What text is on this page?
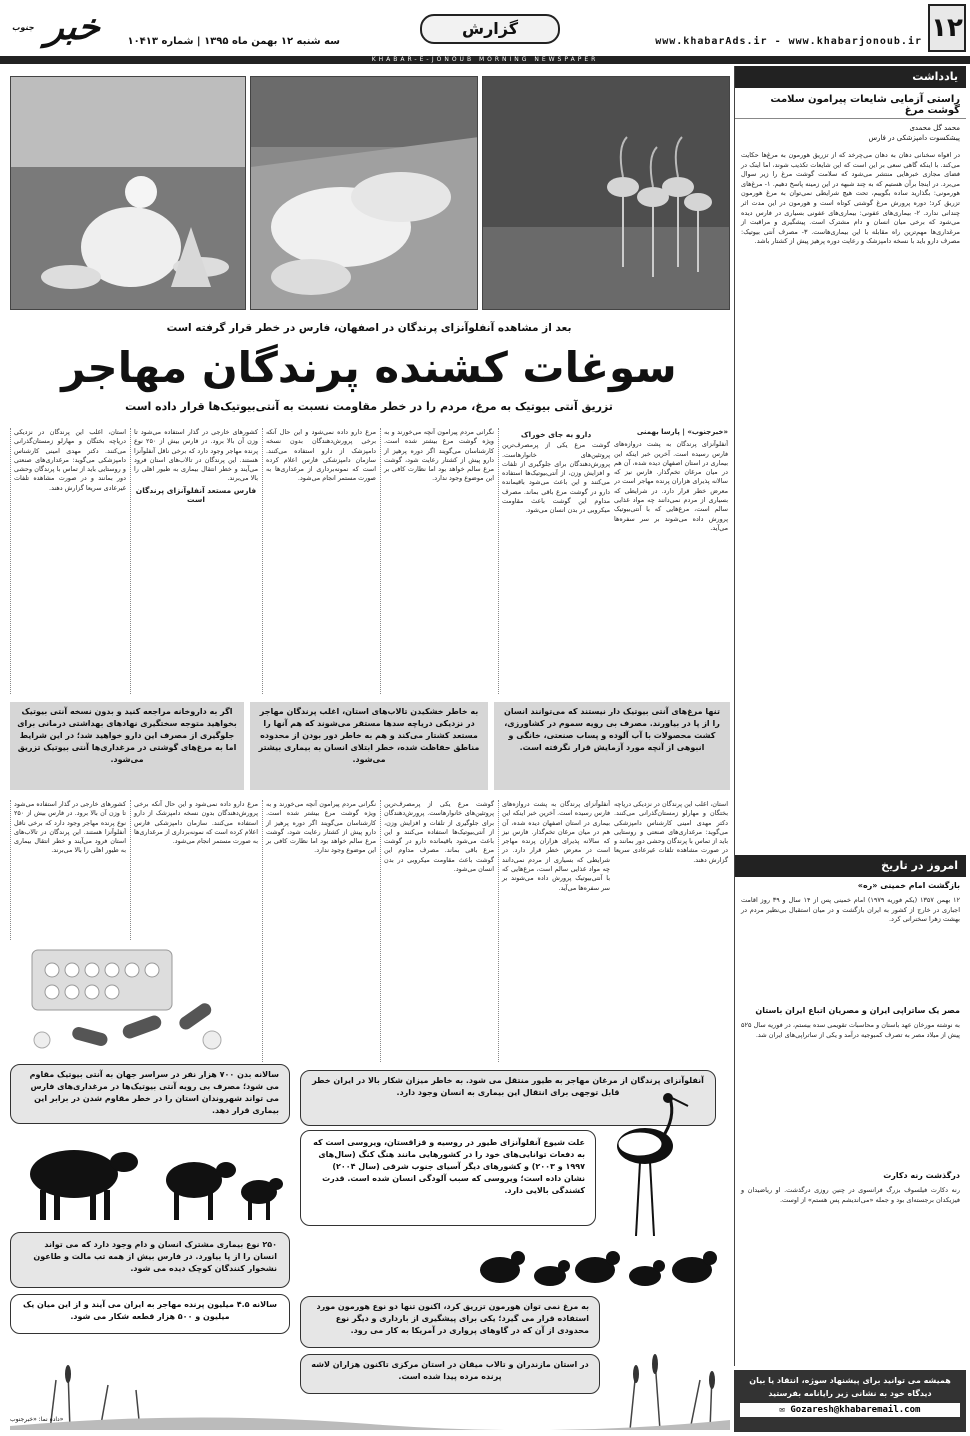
۱۲
www.khabarAds.ir - www.khabarjonoub.ir
گزارش
خبر $^{جنوب}$
سه شنبه ۱۲ بهمن ماه ۱۳۹۵ | شماره ۱۰۴۱۳
KHABAR-E-JONOUB MORNING NEWSPAPER
بعد از مشاهده آنفلوآنزای پرندگان در اصفهان، فارس در خطر قرار گرفته است
سوغات کشنده پرندگان مهاجر
تزریق آنتی بیوتیک به مرغ، مردم را در خطر مقاومت نسبت به آنتی‌بیوتیک‌ها قرار داده است
«خبرجنوب» | پارسا بهمنی
آنفلوآنزای پرندگان به پشت دروازه‌های فارس رسیده است. آخرین خبر اینکه این بیماری در استان اصفهان دیده شده، آن هم در میان مرغان تخم‌گذار. فارس نیز که سالانه پذیرای هزاران پرنده مهاجر است در معرض خطر قرار دارد. در شرایطی که بسیاری از مردم نمی‌دانند چه مواد غذایی سالم است، مرغ‌هایی که با آنتی‌بیوتیک پرورش داده می‌شوند بر سر سفره‌ها می‌آید.
دارو به جای خوراک
گوشت مرغ یکی از پرمصرف‌ترین پروتئین‌های خانوارهاست. پرورش‌دهندگان برای جلوگیری از تلفات و افزایش وزن، از آنتی‌بیوتیک‌ها استفاده می‌کنند و این باعث می‌شود باقیمانده دارو در گوشت مرغ باقی بماند. مصرف مداوم این گوشت باعث مقاومت میکروبی در بدن انسان می‌شود.
نگرانی مردم پیرامون آنچه می‌خورند و به ویژه گوشت مرغ بیشتر شده است. کارشناسان می‌گویند اگر دوره پرهیز از دارو پیش از کشتار رعایت شود، گوشت مرغ سالم خواهد بود اما نظارت کافی بر این موضوع وجود ندارد.
مرغ دارو داده نمی‌شود و این حال آنکه برخی پرورش‌دهندگان بدون نسخه دامپزشک از دارو استفاده می‌کنند. سازمان دامپزشکی فارس اعلام کرده است که نمونه‌برداری از مرغداری‌ها به صورت مستمر انجام می‌شود.
کشورهای خارجی در گذار استفاده می‌شود تا وزن آن بالا برود. در فارس بیش از ۲۵۰ نوع پرنده مهاجر وجود دارد که برخی ناقل آنفلوآنزا هستند. این پرندگان در تالاب‌های استان فرود می‌آیند و خطر انتقال بیماری به طیور اهلی را بالا می‌برند.
فارس مستعد آنفلوآنزای پرندگان است
استان، اغلب این پرندگان در نزدیکی دریاچه بختگان و مهارلو زمستان‌گذرانی می‌کنند. دکتر مهدی امینی کارشناس دامپزشکی می‌گوید: مرغداری‌های صنعتی و روستایی باید از تماس با پرندگان وحشی دور بمانند و در صورت مشاهده تلفات غیرعادی سریعا گزارش دهند.
تنها مرغ‌های آنتی بیوتیک دار نیستند که می‌توانند انسان را از پا در بیاورند. مصرف بی رویه سموم در کشاورزی، کشت محصولات با آب آلوده و پساب صنعتی، خانگی و انبوهی از آنچه مورد آزمایش قرار نگرفته است.
به خاطر خشکیدن تالاب‌های استان، اغلب پرندگان مهاجر در نزدیکی دریاچه سدها مستقر می‌شوند که هم آنها را مستعد کشتار می‌کند و هم به خاطر دور بودن از محدوده مناطق حفاظت شده، خطر ابتلای انسان به بیماری بیشتر می‌شود.
اگر به داروخانه مراجعه کنید و بدون نسخه آنتی بیوتیک بخواهید متوجه سختگیری نهادهای بهداشتی درمانی برای جلوگیری از مصرف این دارو خواهید شد؛ در این شرایط اما به مرغ‌های گوشتی در مرغداری‌ها آنتی بیوتیک تزریق می‌شود.
استان، اغلب این پرندگان در نزدیکی دریاچه بختگان و مهارلو زمستان‌گذرانی می‌کنند. دکتر مهدی امینی کارشناس دامپزشکی می‌گوید: مرغداری‌های صنعتی و روستایی باید از تماس با پرندگان وحشی دور بمانند و در صورت مشاهده تلفات غیرعادی سریعا گزارش دهند.
آنفلوآنزای پرندگان به پشت دروازه‌های فارس رسیده است. آخرین خبر اینکه این بیماری در استان اصفهان دیده شده، آن هم در میان مرغان تخم‌گذار. فارس نیز که سالانه پذیرای هزاران پرنده مهاجر است در معرض خطر قرار دارد. در شرایطی که بسیاری از مردم نمی‌دانند چه مواد غذایی سالم است، مرغ‌هایی که با آنتی‌بیوتیک پرورش داده می‌شوند بر سر سفره‌ها می‌آید.
گوشت مرغ یکی از پرمصرف‌ترین پروتئین‌های خانوارهاست. پرورش‌دهندگان برای جلوگیری از تلفات و افزایش وزن، از آنتی‌بیوتیک‌ها استفاده می‌کنند و این باعث می‌شود باقیمانده دارو در گوشت مرغ باقی بماند. مصرف مداوم این گوشت باعث مقاومت میکروبی در بدن انسان می‌شود.
نگرانی مردم پیرامون آنچه می‌خورند و به ویژه گوشت مرغ بیشتر شده است. کارشناسان می‌گویند اگر دوره پرهیز از دارو پیش از کشتار رعایت شود، گوشت مرغ سالم خواهد بود اما نظارت کافی بر این موضوع وجود ندارد.
مرغ دارو داده نمی‌شود و این حال آنکه برخی پرورش‌دهندگان بدون نسخه دامپزشک از دارو استفاده می‌کنند. سازمان دامپزشکی فارس اعلام کرده است که نمونه‌برداری از مرغداری‌ها به صورت مستمر انجام می‌شود.
کشورهای خارجی در گذار استفاده می‌شود تا وزن آن بالا برود. در فارس بیش از ۲۵۰ نوع پرنده مهاجر وجود دارد که برخی ناقل آنفلوآنزا هستند. این پرندگان در تالاب‌های استان فرود می‌آیند و خطر انتقال بیماری به طیور اهلی را بالا می‌برند.
سالانه بدن ۷۰۰ هزار نفر در سراسر جهان به آنتی بیوتیک مقاوم می شود؛ مصرف بی رویه آنتی بیوتیک‌ها در مرغداری‌های فارس می تواند شهروندان استان را در خطر مقاوم شدن در برابر این بیماری قرار دهد.
آنفلوآنزای پرندگان از مرغان مهاجر به طیور منتقل می شود. به خاطر میزان شکار بالا در ایران خطر قابل توجهی برای انتقال این بیماری به انسان وجود دارد.
علت شیوع آنفلوآنزای طیور در روسیه و قزاقستان، ویروسی است که به دفعات توانایی‌های خود را در کشورهایی مانند هنگ کنگ (سال‌های ۱۹۹۷ و ۲۰۰۳) و کشورهای دیگر آسیای جنوب شرقی (سال ۲۰۰۴) نشان داده است؛ ویروسی که سبب آلودگی انسان شده است. قدرت کشندگی بالایی دارد.
۲۵۰ نوع بیماری مشترک انسان و دام وجود دارد که می تواند انسان را از پا بیاورد. در فارس بیش از همه تب مالت و طاعون نشخوار کنندگان کوچک دیده می شود.
به مرغ نمی توان هورمون تزریق کرد، اکنون تنها دو نوع هورمون مورد استفاده قرار می گیرد؛ یکی برای پیشگیری از بارداری و دیگر نوع محدودی از آن که در گاوهای پرواری در آمریکا به کار می رود.
سالانه ۴.۵ میلیون پرنده مهاجر به ایران می آیند و از این میان یک میلیون و ۵۰۰ هزار قطعه شکار می شود.
در استان مازندران و تالاب میقان در استان مرکزی تاکنون هزاران لاشه پرنده مرده پیدا شده است.
داده نما: «خبرجنوب»
یادداشت
راستی آزمایی شایعات پیرامون سلامت گوشت مرغ
محمد گل محمدی
پیشکسوت دامپزشکی در فارس
در افواه سخنانی دهان به دهان می‌چرخد که از تزریق هورمون به مرغ‌ها حکایت می‌کند. با اینکه گاهی سعی بر این است که این شایعات تکذیب شوند، اما اینک در فضای مجازی خبرهایی منتشر می‌شود که سلامت گوشت مرغ را زیر سوال می‌برد. در اینجا برآن هستیم که به چند شبهه در این زمینه پاسخ دهیم. ۱- مرغ‌های هورمونی: بگذارید ساده بگوییم، تحت هیچ شرایطی نمی‌توان به مرغ هورمون تزریق کرد؛ دوره پرورش مرغ گوشتی کوتاه است و هورمون در این مدت اثر چندانی ندارد. ۲- بیماری‌های عفونی: بیماری‌های عفونی بسیاری در فارس دیده می‌شود که برخی میان انسان و دام مشترک است. پیشگیری و مراقبت از مرغداری‌ها مهم‌ترین راه مقابله با این بیماری‌هاست. ۳- مصرف آنتی بیوتیک: مصرف دارو باید با نسخه دامپزشک و رعایت دوره پرهیز پیش از کشتار باشد.
امروز در تاریخ
بازگشت امام خمینی «ره»
۱۲ بهمن ۱۳۵۷ (یکم فوریه ۱۹۷۹) امام خمینی پس از ۱۴ سال و ۳۹ روز اقامت اجباری در خارج از کشور به ایران بازگشت و در میان استقبال بی‌نظیر مردم در بهشت زهرا سخنرانی کرد.
مصر یک ساتراپی ایران و مصریان اتباع ایران باستان
به نوشته مورخان عهد باستان و محاسبات تقویمی سده بیستم، در فوریه سال ۵۲۵ پیش از میلاد مصر به تصرف کمبوجیه درآمد و یکی از ساتراپی‌های ایران شد.
درگذشت رنه دکارت
رنه دکارت فیلسوف بزرگ فرانسوی در چنین روزی درگذشت. او ریاضیدان و فیزیکدان برجسته‌ای بود و جمله «می‌اندیشم پس هستم» از اوست.
همیشه می توانید برای پیشنهاد سوژه، انتقاد یا بیان
دیدگاه خود به نشانی زیر رایانامه بفرستید
✉ Gozaresh@khabaremail.com
